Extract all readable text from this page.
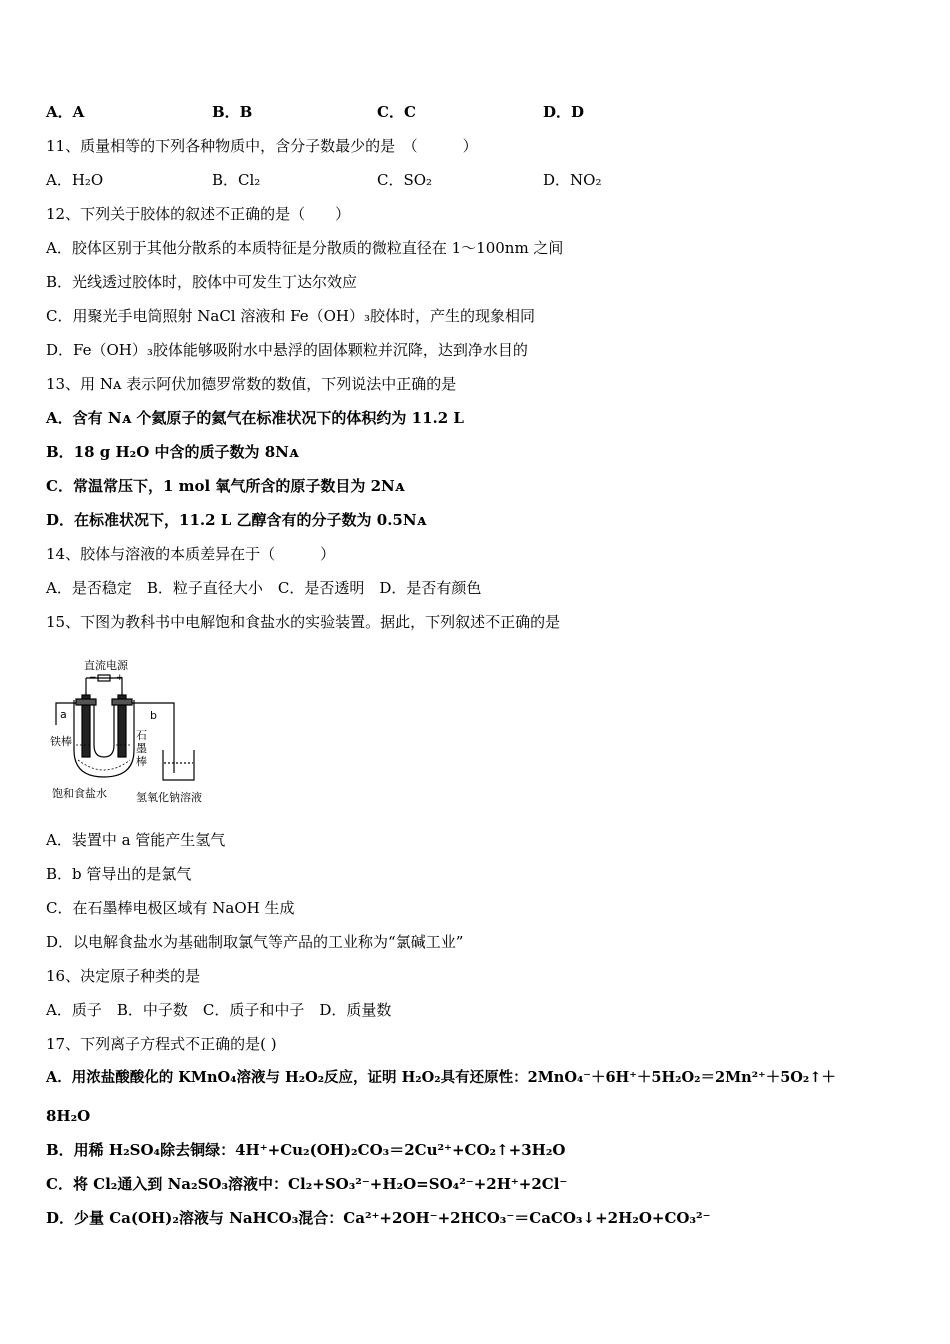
A．A	B．B	C．C	D．D
11、质量相等的下列各种物质中，含分子数最少的是　（　　　）
A．H₂O	B．Cl₂	C．SO₂	D．NO₂
12、下列关于胶体的叙述不正确的是（　　）
A．胶体区别于其他分散系的本质特征是分散质的微粒直径在 1～100nm 之间
B．光线透过胶体时，胶体中可发生丁达尔效应
C．用聚光手电筒照射 NaCl 溶液和 Fe（OH）₃胶体时，产生的现象相同
D．Fe（OH）₃胶体能够吸附水中悬浮的固体颗粒并沉降，达到净水目的
13、用 Nᴀ 表示阿伏加德罗常数的数值，下列说法中正确的是
A．含有 Nᴀ 个氦原子的氦气在标准状况下的体积约为 11.2 L
B．18 g H₂O 中含的质子数为 8Nᴀ
C．常温常压下，1 mol 氧气所含的原子数目为 2Nᴀ
D．在标准状况下，11.2 L 乙醇含有的分子数为 0.5Nᴀ
14、胶体与溶液的本质差异在于（　　　）
A．是否稳定　B．粒子直径大小　C．是否透明　D．是否有颜色
15、下图为教科书中电解饱和食盐水的实验装置。据此，下列叙述不正确的是
直流电源
− +
a	b
铁棒	石
墨
棒
饱和食盐水	氢氧化钠溶液
A．装置中 a 管能产生氢气
B．b 管导出的是氯气
C．在石墨棒电极区域有 NaOH 生成
D．以电解食盐水为基础制取氯气等产品的工业称为“氯碱工业”
16、决定原子种类的是
A．质子　B．中子数　C．质子和中子　D．质量数
17、下列离子方程式不正确的是( )
A．用浓盐酸酸化的 KMnO₄溶液与 H₂O₂反应，证明 H₂O₂具有还原性：2MnO₄⁻＋6H⁺＋5H₂O₂＝2Mn²⁺＋5O₂↑＋
8H₂O
B．用稀 H₂SO₄除去铜绿：4H⁺+Cu₂(OH)₂CO₃＝2Cu²⁺+CO₂↑+3H₂O
C．将 Cl₂通入到 Na₂SO₃溶液中：Cl₂+SO₃²⁻+H₂O=SO₄²⁻+2H⁺+2Cl⁻
D．少量 Ca(OH)₂溶液与 NaHCO₃混合：Ca²⁺+2OH⁻+2HCO₃⁻＝CaCO₃↓+2H₂O+CO₃²⁻
